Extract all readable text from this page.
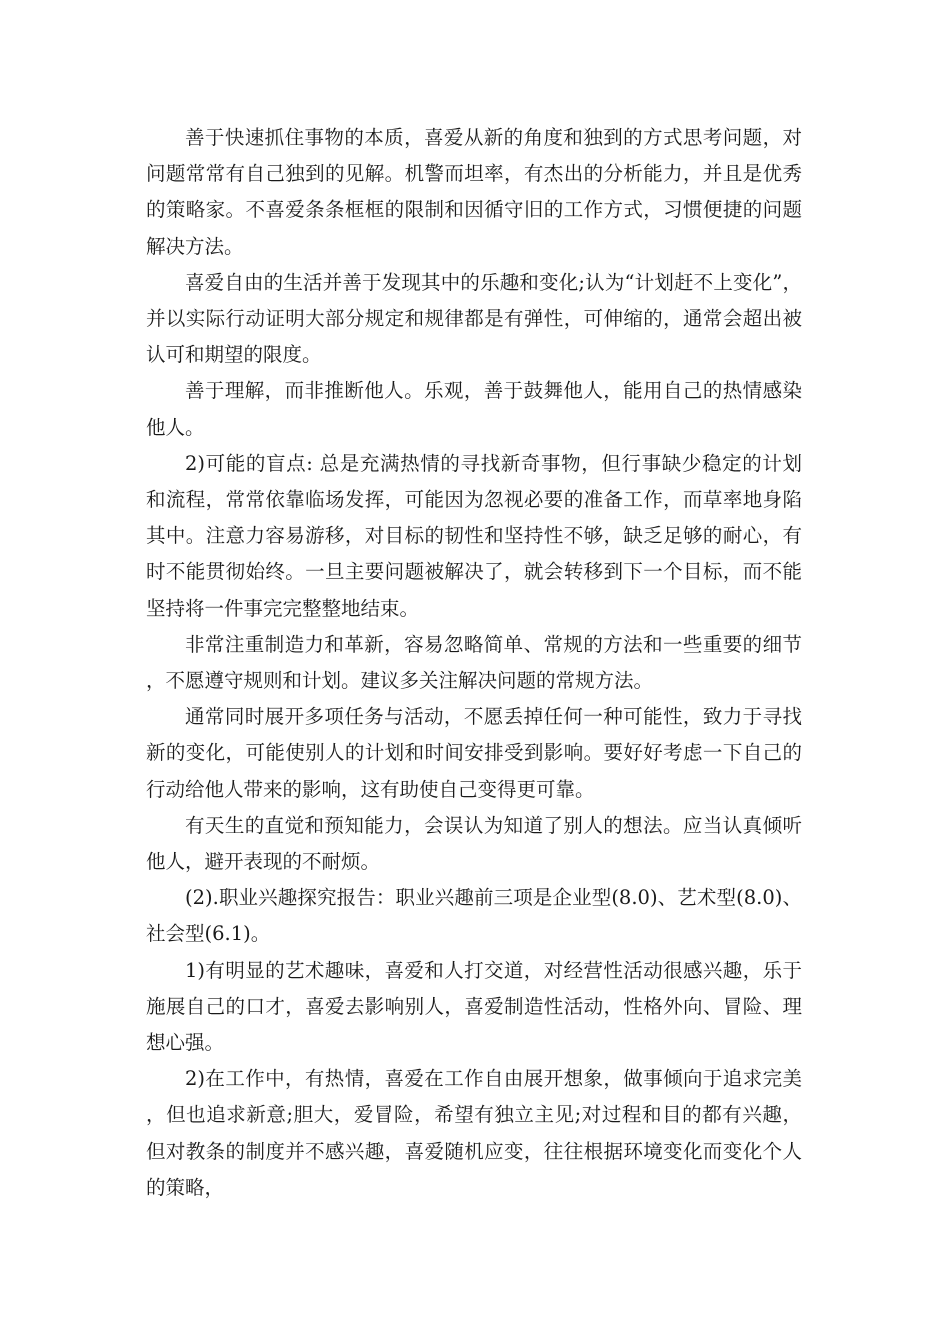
善于快速抓住事物的本质，喜爱从新的角度和独到的方式思考问题，对问题常常有自己独到的见解。机警而坦率，有杰出的分析能力，并且是优秀的策略家。不喜爱条条框框的限制和因循守旧的工作方式，习惯便捷的问题解决方法。

喜爱自由的生活并善于发现其中的乐趣和变化;认为“计划赶不上变化”，并以实际行动证明大部分规定和规律都是有弹性，可伸缩的，通常会超出被认可和期望的限度。

善于理解，而非推断他人。乐观，善于鼓舞他人，能用自己的热情感染他人。

2)可能的盲点: 总是充满热情的寻找新奇事物，但行事缺少稳定的计划和流程，常常依靠临场发挥，可能因为忽视必要的准备工作，而草率地身陷其中。注意力容易游移，对目标的韧性和坚持性不够，缺乏足够的耐心，有时不能贯彻始终。一旦主要问题被解决了，就会转移到下一个目标，而不能坚持将一件事完完整整地结束。

非常注重制造力和革新，容易忽略简单、常规的方法和一些重要的细节，不愿遵守规则和计划。建议多关注解决问题的常规方法。

通常同时展开多项任务与活动，不愿丢掉任何一种可能性，致力于寻找新的变化，可能使别人的计划和时间安排受到影响。要好好考虑一下自己的行动给他人带来的影响，这有助使自己变得更可靠。

有天生的直觉和预知能力，会误认为知道了别人的想法。应当认真倾听他人，避开表现的不耐烦。

(2).职业兴趣探究报告：职业兴趣前三项是企业型(8.0)、艺术型(8.0)、社会型(6.1)。

1)有明显的艺术趣味，喜爱和人打交道，对经营性活动很感兴趣，乐于施展自己的口才，喜爱去影响别人，喜爱制造性活动，性格外向、冒险、理想心强。

2)在工作中，有热情，喜爱在工作自由展开想象，做事倾向于追求完美，但也追求新意;胆大，爱冒险，希望有独立主见;对过程和目的都有兴趣，但对教条的制度并不感兴趣，喜爱随机应变，往往根据环境变化而变化个人的策略，
